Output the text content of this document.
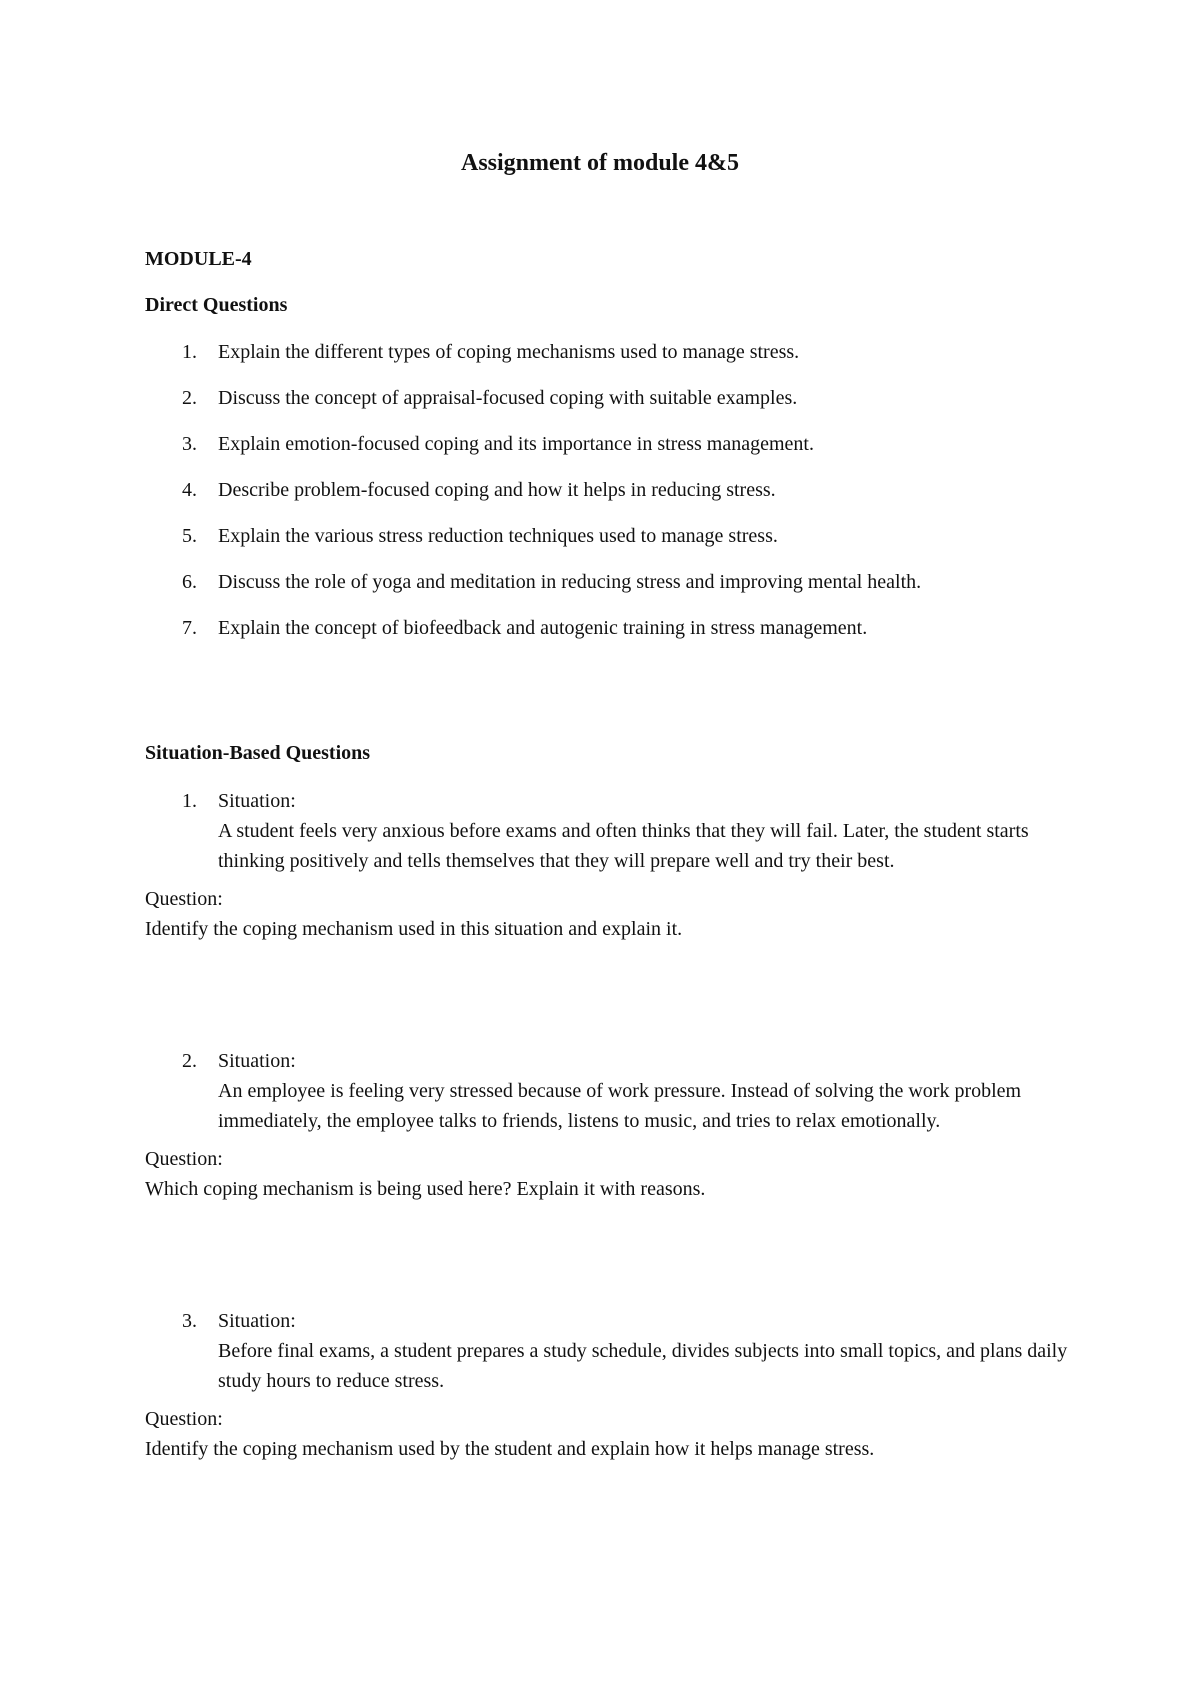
Assignment of module 4&5
MODULE-4
Direct Questions
1.	Explain the different types of coping mechanisms used to manage stress.
2.	Discuss the concept of appraisal-focused coping with suitable examples.
3.	Explain emotion-focused coping and its importance in stress management.
4.	Describe problem-focused coping and how it helps in reducing stress.
5.	Explain the various stress reduction techniques used to manage stress.
6.	Discuss the role of yoga and meditation in reducing stress and improving mental health.
7.	Explain the concept of biofeedback and autogenic training in stress management.
Situation-Based Questions
1.	Situation:
A student feels very anxious before exams and often thinks that they will fail. Later, the student starts thinking positively and tells themselves that they will prepare well and try their best.
Question:
Identify the coping mechanism used in this situation and explain it.
2.	Situation:
An employee is feeling very stressed because of work pressure. Instead of solving the work problem immediately, the employee talks to friends, listens to music, and tries to relax emotionally.
Question:
Which coping mechanism is being used here? Explain it with reasons.
3.	Situation:
Before final exams, a student prepares a study schedule, divides subjects into small topics, and plans daily study hours to reduce stress.
Question:
Identify the coping mechanism used by the student and explain how it helps manage stress.
